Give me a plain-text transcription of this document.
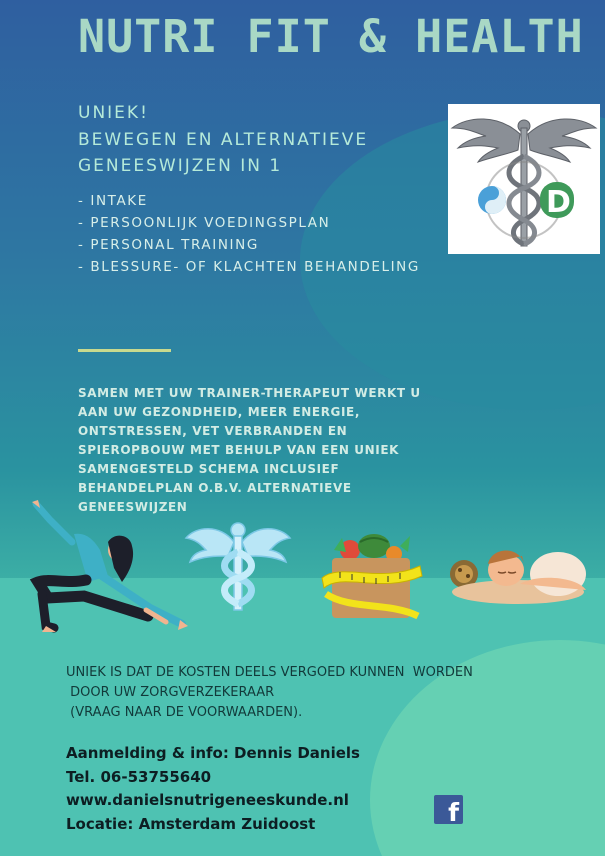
NUTRI FIT & HEALTH
UNIEK!
BEWEGEN EN ALTERNATIEVE
GENEESWIJZEN IN 1
- INTAKE
- PERSOONLIJK VOEDINGSPLAN
- PERSONAL TRAINING
- BLESSURE- OF KLACHTEN BEHANDELING
D

SAMEN MET UW TRAINER-THERAPEUT WERKT U AAN UW GEZONDHEID, MEER ENERGIE, ONTSTRESSEN, VET VERBRANDEN EN SPIEROPBOUW MET BEHULP VAN EEN UNIEK SAMENGESTELD SCHEMA INCLUSIEF BEHANDELPLAN O.B.V. ALTERNATIEVE GENEESWIJZEN

UNIEK IS DAT DE KOSTEN DEELS VERGOED KUNNEN  WORDEN
DOOR UW ZORGVERZEKERAAR
(VRAAG NAAR DE VOORWAARDEN).

Aanmelding & info: Dennis Daniels
Tel. 06-53755640
www.danielsnutrigeneeskunde.nl
Locatie: Amsterdam Zuidoost	f
